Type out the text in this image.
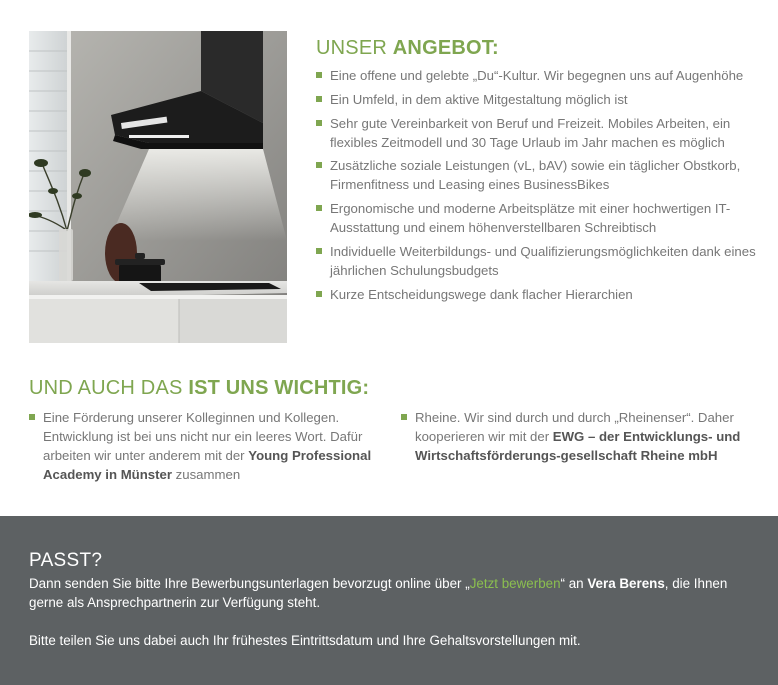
UNSER ANGEBOT:
Eine offene und gelebte „Du“-Kultur. Wir begegnen uns auf Augenhöhe
Ein Umfeld, in dem aktive Mitgestaltung möglich ist
Sehr gute Vereinbarkeit von Beruf und Freizeit. Mobiles Arbeiten, ein flexibles Zeitmodell und 30 Tage Urlaub im Jahr machen es möglich
Zusätzliche soziale Leistungen (vL, bAV) sowie ein täglicher Obstkorb, Firmenfitness und Leasing eines BusinessBikes
Ergonomische und moderne Arbeitsplätze mit einer hochwertigen IT-Ausstattung und einem höhenverstellbaren Schreibtisch
Individuelle Weiterbildungs- und Qualifizierungsmöglichkeiten dank eines jährlichen Schulungsbudgets
Kurze Entscheidungswege dank flacher Hierarchien
UND AUCH DAS IST UNS WICHTIG:
Eine Förderung unserer Kolleginnen und Kollegen. Entwicklung ist bei uns nicht nur ein leeres Wort. Dafür arbeiten wir unter anderem mit der Young Professional Academy in Münster zusammen
Rheine. Wir sind durch und durch „Rheinenser“. Daher kooperieren wir mit der EWG – der Entwicklungs- und Wirtschaftsförderungs-gesellschaft Rheine mbH
PASST?

Dann senden Sie bitte Ihre Bewerbungsunterlagen bevorzugt online über „Jetzt bewerben“ an Vera Berens, die Ihnen gerne als Ansprechpartnerin zur Verfügung steht.

Bitte teilen Sie uns dabei auch Ihr frühestes Eintrittsdatum und Ihre Gehaltsvorstellungen mit.
